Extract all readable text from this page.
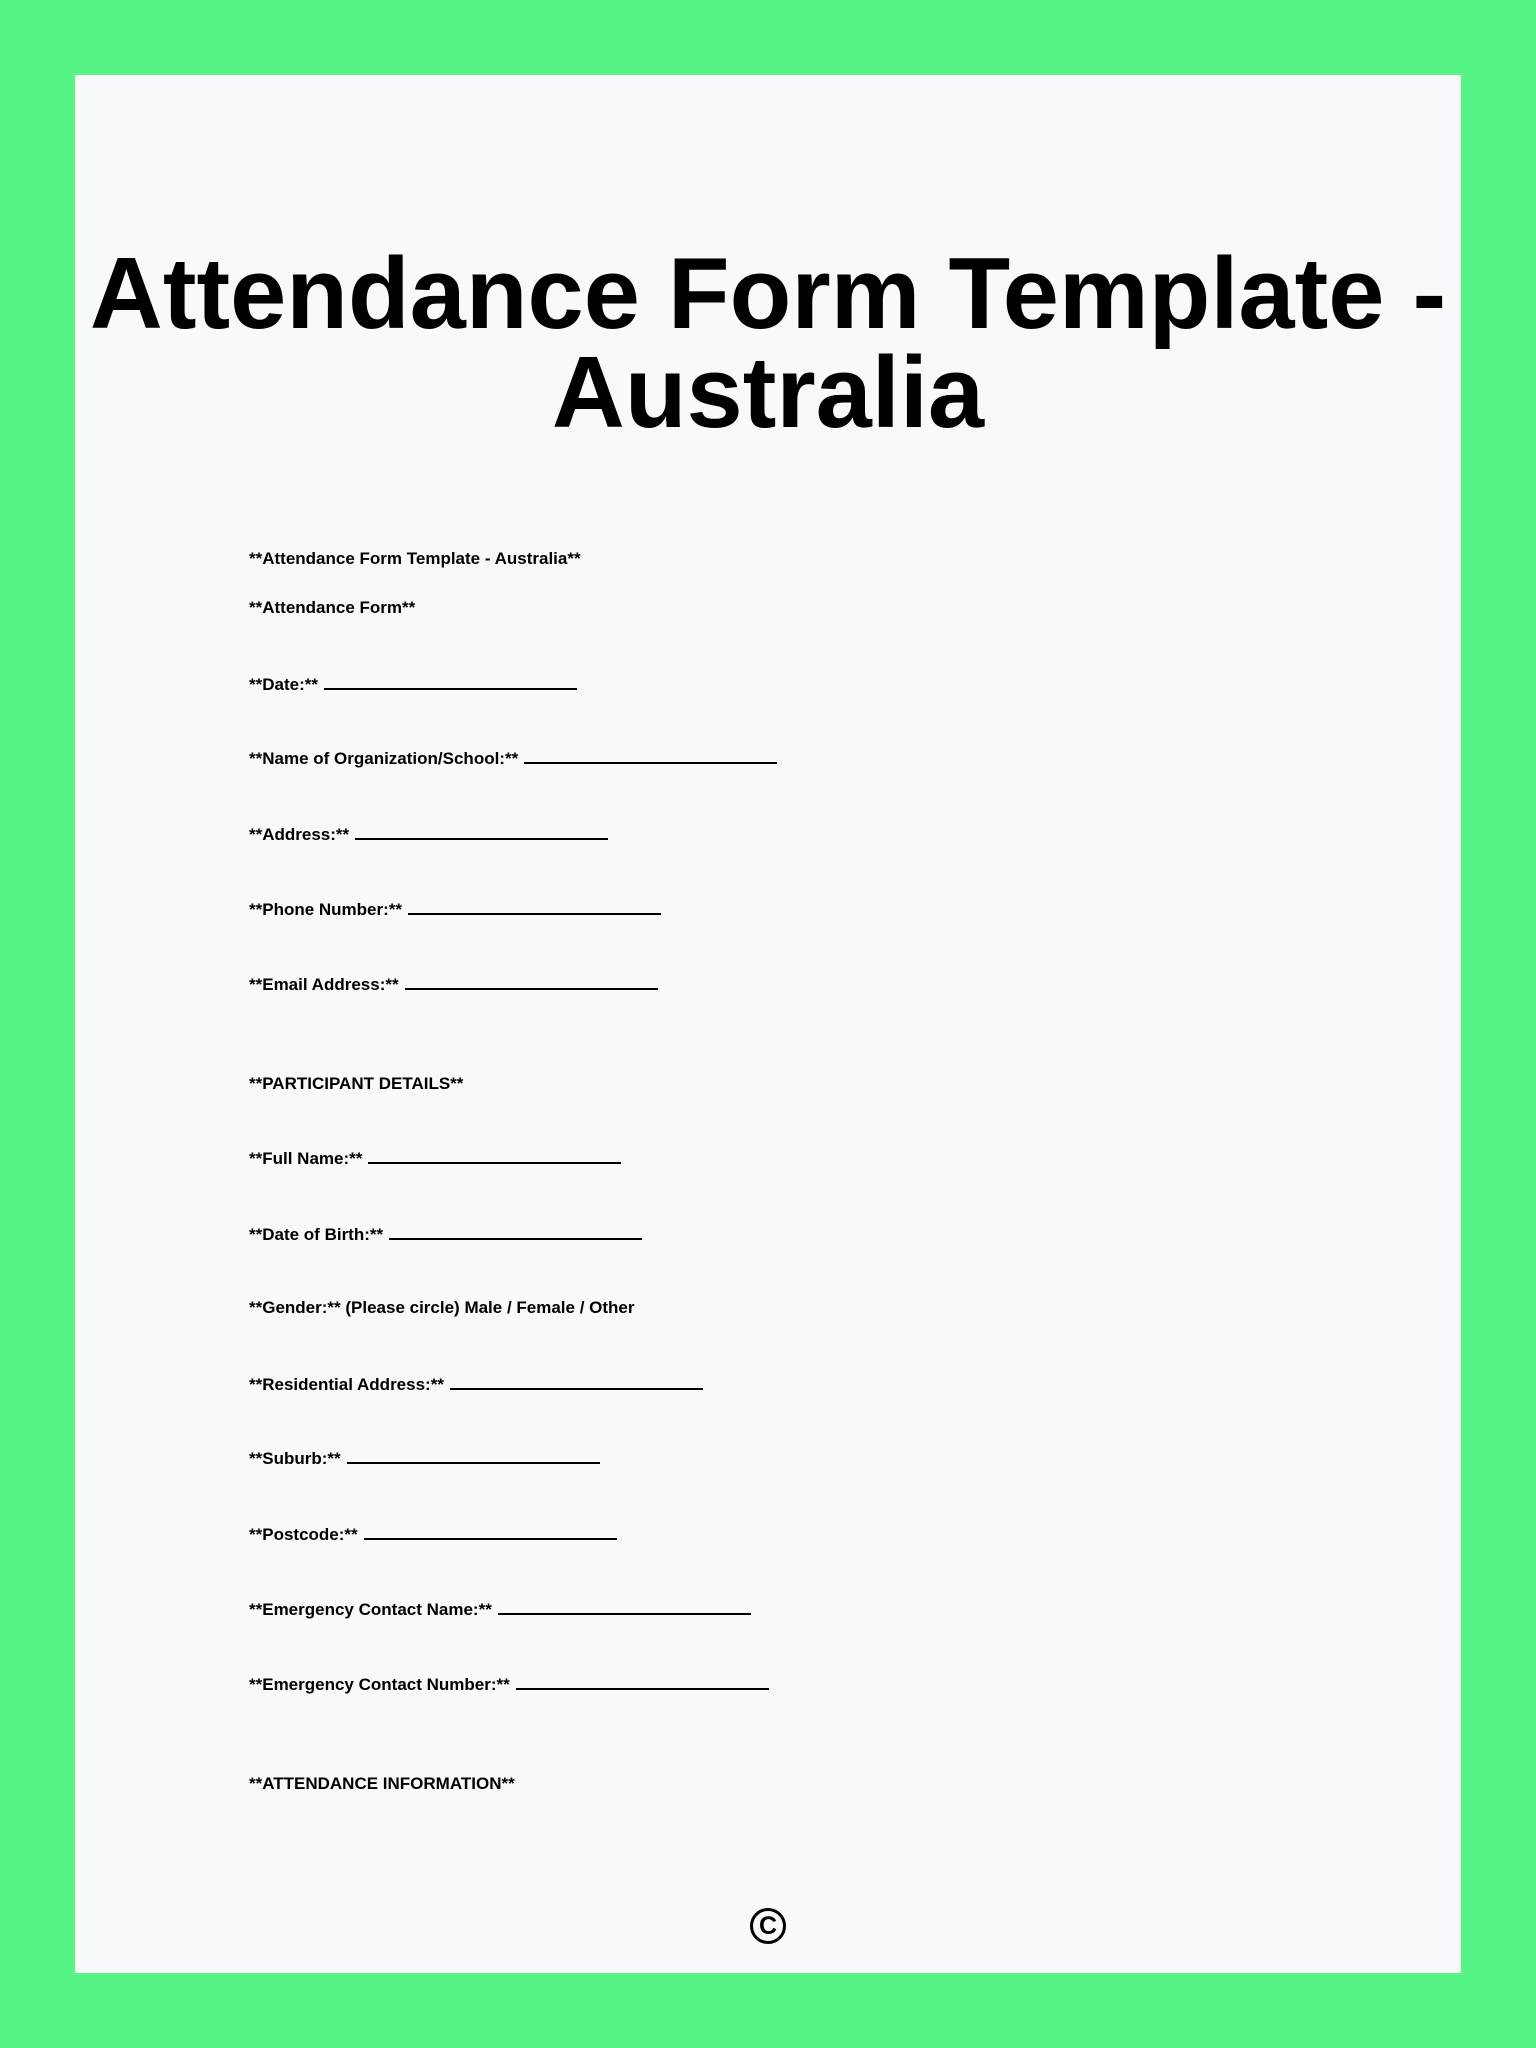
Attendance Form Template - Australia
**Attendance Form Template - Australia**
**Attendance Form**
**Date:**
**Name of Organization/School:**
**Address:**
**Phone Number:**
**Email Address:**
**PARTICIPANT DETAILS**
**Full Name:**
**Date of Birth:**
**Gender:** (Please circle) Male / Female / Other
**Residential Address:**
**Suburb:**
**Postcode:**
**Emergency Contact Name:**
**Emergency Contact Number:**
**ATTENDANCE INFORMATION**
C
